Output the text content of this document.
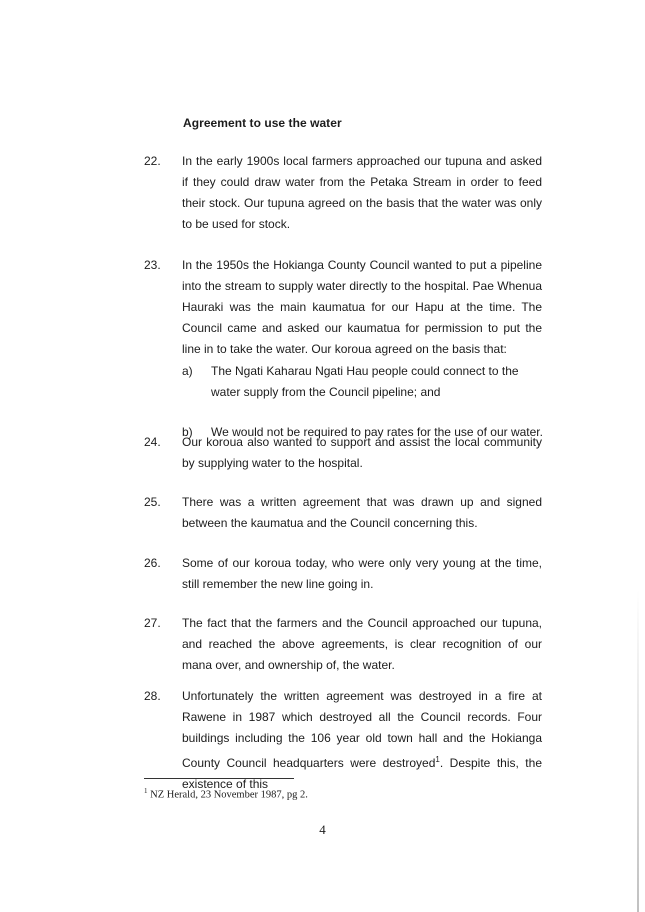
Agreement to use the water
22. In the early 1900s local farmers approached our tupuna and asked if they could draw water from the Petaka Stream in order to feed their stock. Our tupuna agreed on the basis that the water was only to be used for stock.
23. In the 1950s the Hokianga County Council wanted to put a pipeline into the stream to supply water directly to the hospital. Pae Whenua Hauraki was the main kaumatua for our Hapu at the time. The Council came and asked our kaumatua for permission to put the line in to take the water. Our koroua agreed on the basis that:
a) The Ngati Kaharau Ngati Hau people could connect to the water supply from the Council pipeline; and
b) We would not be required to pay rates for the use of our water.
24. Our koroua also wanted to support and assist the local community by supplying water to the hospital.
25. There was a written agreement that was drawn up and signed between the kaumatua and the Council concerning this.
26. Some of our koroua today, who were only very young at the time, still remember the new line going in.
27. The fact that the farmers and the Council approached our tupuna, and reached the above agreements, is clear recognition of our mana over, and ownership of, the water.
28. Unfortunately the written agreement was destroyed in a fire at Rawene in 1987 which destroyed all the Council records. Four buildings including the 106 year old town hall and the Hokianga County Council headquarters were destroyed$^1$. Despite this, the existence of this
$^1$ NZ Herald, 23 November 1987, pg 2.
4
